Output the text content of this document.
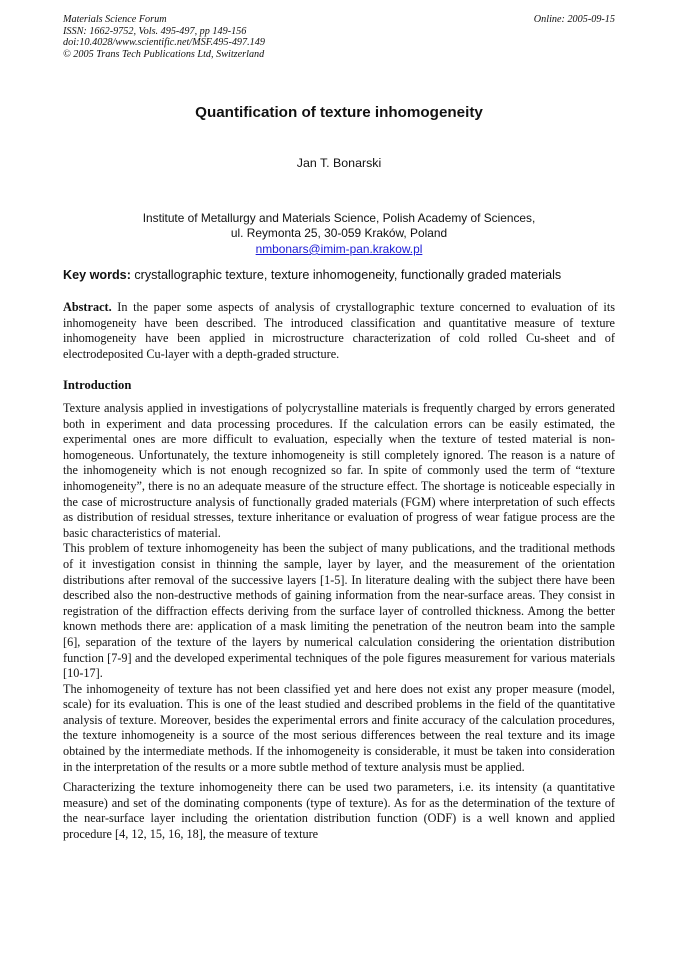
Materials Science Forum
ISSN: 1662-9752, Vols. 495-497, pp 149-156
doi:10.4028/www.scientific.net/MSF.495-497.149
© 2005 Trans Tech Publications Ltd, Switzerland
Online: 2005-09-15
Quantification of texture inhomogeneity
Jan T. Bonarski
Institute of Metallurgy and Materials Science, Polish Academy of Sciences,
ul. Reymonta 25, 30-059 Kraków, Poland
nmbonars@imim-pan.krakow.pl
Key words: crystallographic texture, texture inhomogeneity, functionally graded materials
Abstract. In the paper some aspects of analysis of crystallographic texture concerned to evaluation of its inhomogeneity have been described. The introduced classification and quantitative measure of texture inhomogeneity have been applied in microstructure characterization of cold rolled Cu-sheet and of electrodeposited Cu-layer with a depth-graded structure.
Introduction

Texture analysis applied in investigations of polycrystalline materials is frequently charged by errors generated both in experiment and data processing procedures. If the calculation errors can be easily estimated, the experimental ones are more difficult to evaluation, especially when the texture of tested material is non-homogeneous. Unfortunately, the texture inhomogeneity is still completely ignored. The reason is a nature of the inhomogeneity which is not enough recognized so far. In spite of commonly used the term of “texture inhomogeneity”, there is no an adequate measure of the structure effect. The shortage is noticeable especially in the case of microstructure analysis of functionally graded materials (FGM) where interpretation of such effects as distribution of residual stresses, texture inheritance or evaluation of progress of wear fatigue process are the basic characteristics of material.

This problem of texture inhomogeneity has been the subject of many publications, and the traditional methods of it investigation consist in thinning the sample, layer by layer, and the measurement of the orientation distributions after removal of the successive layers [1-5]. In literature dealing with the subject there have been described also the non-destructive methods of gaining information from the near-surface areas. They consist in registration of the diffraction effects deriving from the surface layer of controlled thickness. Among the better known methods there are: application of a mask limiting the penetration of the neutron beam into the sample [6], separation of the texture of the layers by numerical calculation considering the orientation distribution function [7-9] and the developed experimental techniques of the pole figures measurement for various materials [10-17].

The inhomogeneity of texture has not been classified yet and here does not exist any proper measure (model, scale) for its evaluation. This is one of the least studied and described problems in the field of the quantitative analysis of texture. Moreover, besides the experimental errors and finite accuracy of the calculation procedures, the texture inhomogeneity is a source of the most serious differences between the real texture and its image obtained by the intermediate methods. If the inhomogeneity is considerable, it must be taken into consideration in the interpretation of the results or a more subtle method of texture analysis must be applied.

Characterizing the texture inhomogeneity there can be used two parameters, i.e. its intensity (a quantitative measure) and set of the dominating components (type of texture). As for as the determination of the texture of the near-surface layer including the orientation distribution function (ODF) is a well known and applied procedure [4, 12, 15, 16, 18], the measure of texture
